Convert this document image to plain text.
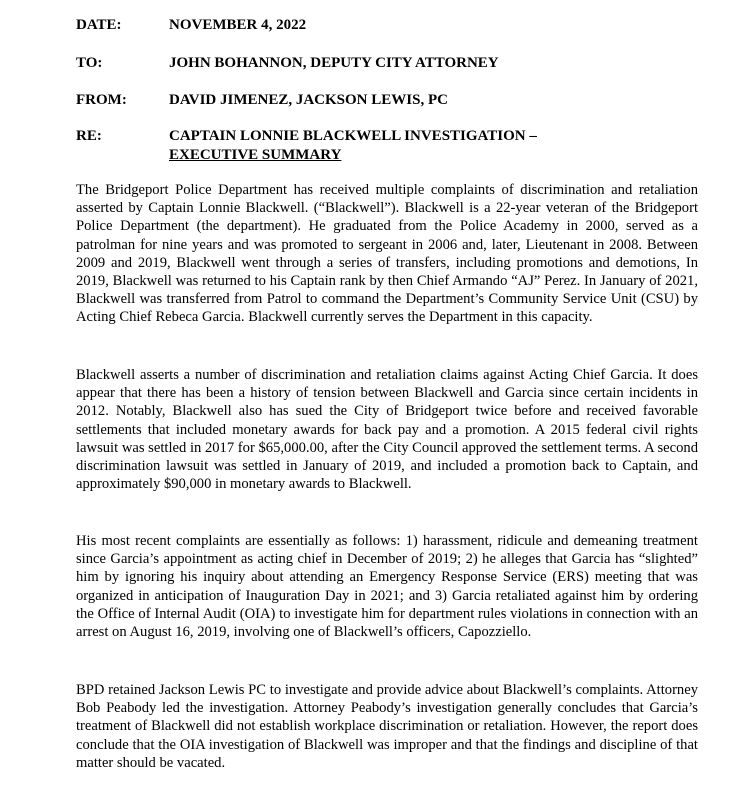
DATE:	NOVEMBER 4, 2022
TO:	JOHN BOHANNON, DEPUTY CITY ATTORNEY
FROM:	DAVID JIMENEZ, JACKSON LEWIS, PC
RE:	CAPTAIN LONNIE BLACKWELL INVESTIGATION –
EXECUTIVE SUMMARY

The Bridgeport Police Department has received multiple complaints of discrimination and retaliation asserted by Captain Lonnie Blackwell. (“Blackwell”). Blackwell is a 22-year veteran of the Bridgeport Police Department (the department). He graduated from the Police Academy in 2000, served as a patrolman for nine years and was promoted to sergeant in 2006 and, later, Lieutenant in 2008. Between 2009 and 2019, Blackwell went through a series of transfers, including promotions and demotions, In 2019, Blackwell was returned to his Captain rank by then Chief Armando “AJ” Perez. In January of 2021, Blackwell was transferred from Patrol to command the Department’s Community Service Unit (CSU) by Acting Chief Rebeca Garcia. Blackwell currently serves the Department in this capacity.

Blackwell asserts a number of discrimination and retaliation claims against Acting Chief Garcia. It does appear that there has been a history of tension between Blackwell and Garcia since certain incidents in 2012. Notably, Blackwell also has sued the City of Bridgeport twice before and received favorable settlements that included monetary awards for back pay and a promotion. A 2015 federal civil rights lawsuit was settled in 2017 for $65,000.00, after the City Council approved the settlement terms. A second discrimination lawsuit was settled in January of 2019, and included a promotion back to Captain, and approximately $90,000 in monetary awards to Blackwell.

His most recent complaints are essentially as follows: 1) harassment, ridicule and demeaning treatment since Garcia’s appointment as acting chief in December of 2019; 2) he alleges that Garcia has “slighted” him by ignoring his inquiry about attending an Emergency Response Service (ERS) meeting that was organized in anticipation of Inauguration Day in 2021; and 3) Garcia retaliated against him by ordering the Office of Internal Audit (OIA) to investigate him for department rules violations in connection with an arrest on August 16, 2019, involving one of Blackwell’s officers, Capozziello.

BPD retained Jackson Lewis PC to investigate and provide advice about Blackwell’s complaints. Attorney Bob Peabody led the investigation. Attorney Peabody’s investigation generally concludes that Garcia’s treatment of Blackwell did not establish workplace discrimination or retaliation. However, the report does conclude that the OIA investigation of Blackwell was improper and that the findings and discipline of that matter should be vacated.
